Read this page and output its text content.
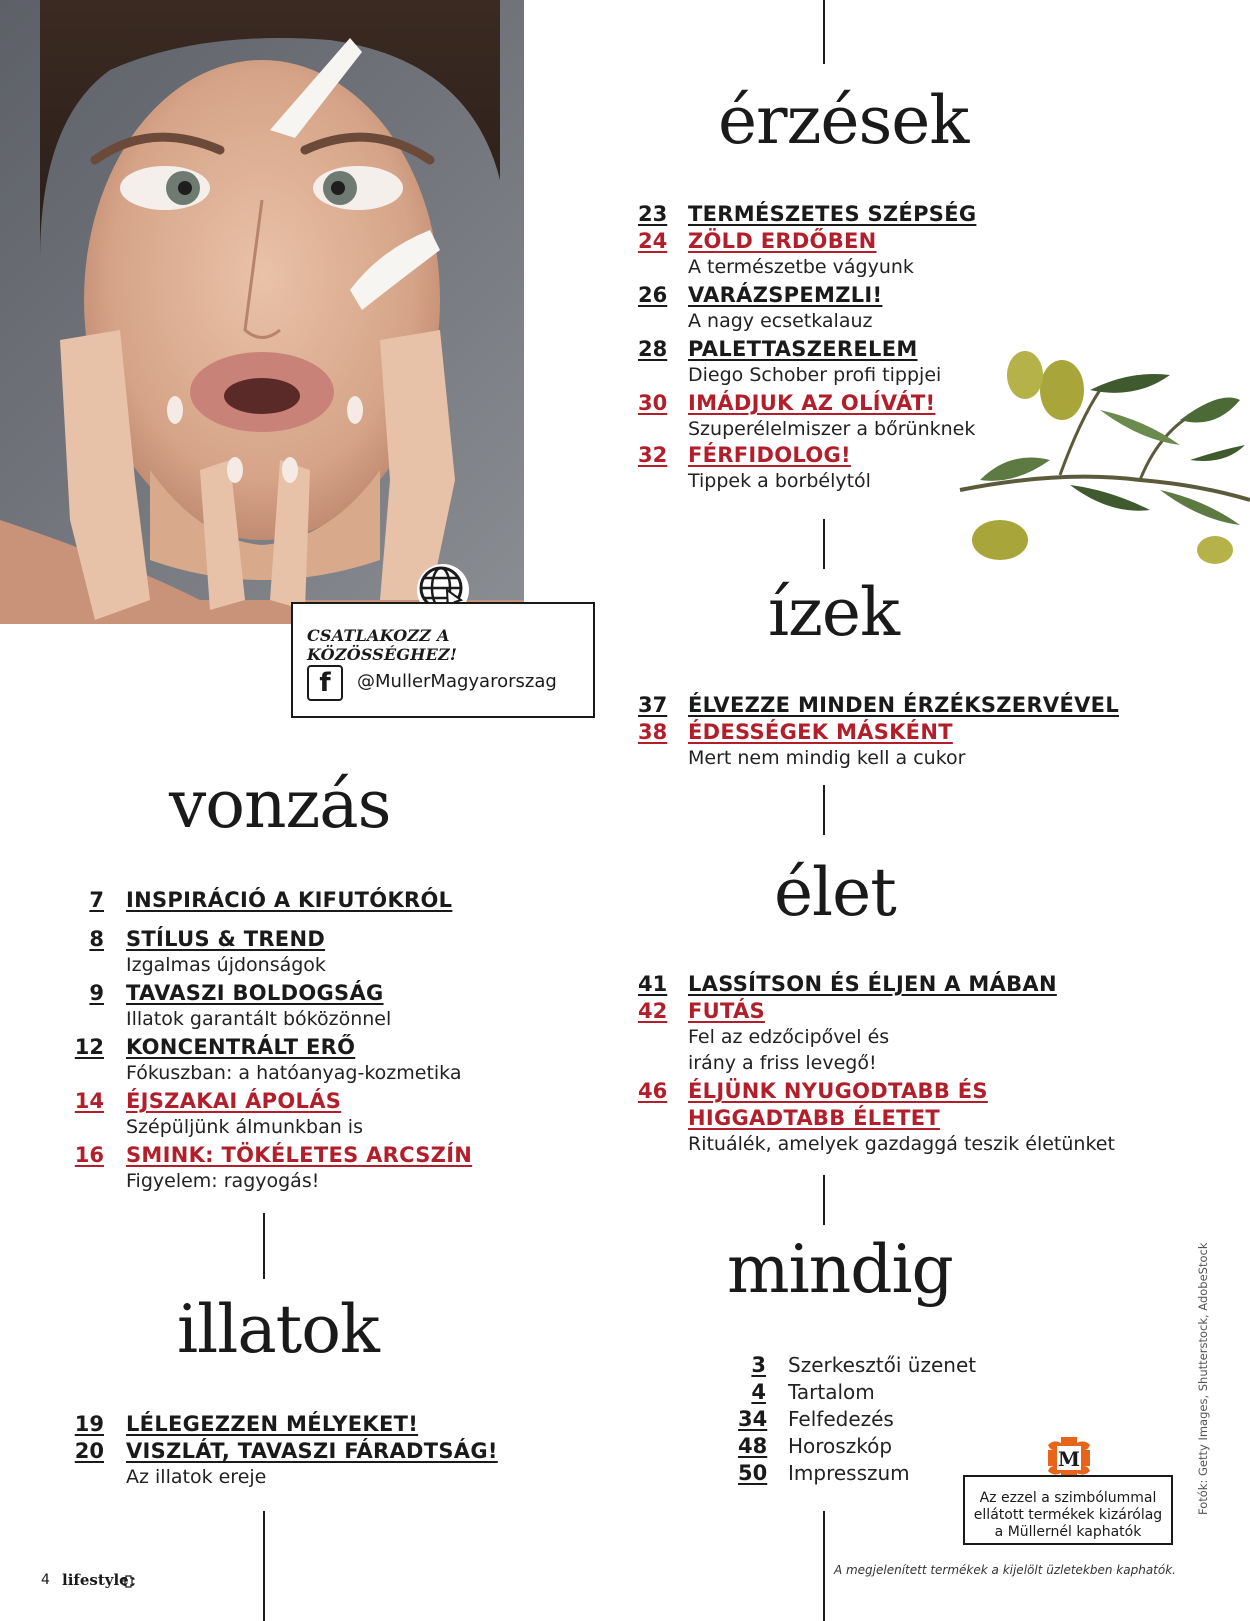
érzések
23 TERMÉSZETES SZÉPSÉG
24 ZÖLD ERDŐBEN
A természetbe vágyunk
26 VARÁZSPEMZLI!
A nagy ecsetkalauz
28 PALETTASZERELEM
Diego Schober profi tippjei
30 IMÁDJUK AZ OLÍVÁT!
Szuperélelmiszer a bőrünknek
32 FÉRFIDOLOG!
Tippek a borbélytól
ízek
37 ÉLVEZZE MINDEN ÉRZÉKSZERVÉVEL
38 ÉDESSÉGEK MÁSKÉNT
Mert nem mindig kell a cukor
élet
41 LASSÍTSON ÉS ÉLJEN A MÁBAN
42 FUTÁS
Fel az edzőcipővel és
irány a friss levegő!
46 ÉLJÜNK NYUGODTABB ÉS
HIGGADTABB ÉLETET
Rituálék, amelyek gazdaggá teszik életünket
mindig
3 Szerkesztői üzenet
4 Tartalom
34 Felfedezés
48 Horoszkóp
50 Impresszum
CSATLAKOZZ A KÖZÖSSÉGHEZ!
f @MullerMagyarorszag
vonzás
7 INSPIRÁCIÓ A KIFUTÓKRÓL
8 STÍLUS & TREND
Izgalmas újdonságok
9 TAVASZI BOLDOGSÁG
Illatok garantált bóközönnel
12 KONCENTRÁLT ERŐ
Fókuszban: a hatóanyag-kozmetika
14 ÉJSZAKAI ÁPOLÁS
Szépüljünk álmunkban is
16 SMINK: TÖKÉLETES ARCSZÍN
Figyelem: ragyogás!
illatok
19 LÉLEGEZZEN MÉLYEKET!
20 VISZLÁT, TAVASZI FÁRADTSÁG!
Az illatok ereje
M
Az ezzel a szimbólummal
ellátott termékek kizárólag
a Müllernél kaphatók
Fotók: Getty Images, Shutterstock, AdobeStock
A megjelenített termékek a kijelölt üzletekben kaphatók.
4 lifestyle
